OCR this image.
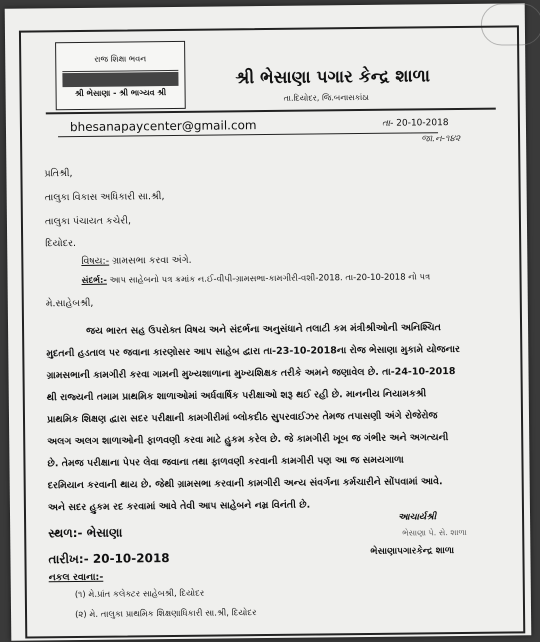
રાજ શિક્ષા ભવન
શ્રી ભેસાણા - શ્રી ભાગ્યવ શ્રી
શ્રી ભેસાણા પગાર કેન્દ્ર શાળા
તા.દિયોદર, જિ.બનાસકાંઠા
bhesanapaycenter@gmail.com	તા- 20-10-2018
જા.ન-૧૪૨
પ્રતિશ્રી,
તાલુકા વિકાસ અધિકારી સા.શ્રી,
તાલુકા પંચાયત કચેરી,
દિયોદર.
વિષય:- ગ્રામસભા કરવા અંગે.
સંદર્ભ:- આપ સાહેબનો પત્ર ક્રમાંક ન.ઈ-વીપી-ગ્રામસભા-કામગીરી-વશી-2018. તા-20-10-2018 નો પત્ર
મે.સાહેબશ્રી,
જય ભારત સહ ઉપરોક્ત વિષય અને સંદર્ભના અનુસંધાને તલાટી કમ મંત્રીશ્રીઓની અનિશ્ચિત
મુદતની હડતાલ પર જવાના કારણોસર આપ સાહેબ દ્વારા તા-23-10-2018ના રોજ ભેસાણા મુકામે યોજનાર
ગ્રામસભાની કામગીરી કરવા ગામની મુખ્યશાળાના મુખ્યશિક્ષક તરીકે અમને જણાવેલ છે. તા-24-10-2018
થી રાજ્યની તમામ પ્રાથમિક શાળાઓમાં અર્ધવાર્ષિક પરીક્ષાઓ શરૂ થઈ રહી છે. માનનીય નિયામકશ્રી
પ્રાથમિક શિક્ષણ દ્વારા સદર પરીક્ષાની કામગીરીમાં બ્લોકદીઠ સુપરવાઈઝર તેમજ તપાસણી અંગે રોજેરોજ
અલગ અલગ શાળાઓની ફાળવણી કરવા માટે હુકમ કરેલ છે. જે કામગીરી ખૂબ જ ગંભીર અને અગત્યની
છે. તેમજ પરીક્ષાના પેપર લેવા જવાના તથા ફાળવણી કરવાની કામગીરી પણ આ જ સમયગાળા
દરમિયાન કરવાની થાય છે. જેથી ગ્રામસભા કરવાની કામગીરી અન્ય સંવર્ગના કર્મચારીને સોંપવામાં આવે.
અને સદર હુકમ રદ કરવામાં આવે તેવી આપ સાહેબને નમ્ર વિનંતી છે.
સ્થળ:- ભેસાણા
તારીખ:- 20-10-2018
નકલ રવાના:-
(૧) મે.પ્રાંત કલેક્ટર સાહેબશ્રી, દિયોદર
(૨) મે. તાલુકા પ્રાથમિક શિક્ષણાધિકારી સા.શ્રી, દિયોદર
આચાર્યશ્રી
ભેસાણા પે. સે. શાળા
ભેસાણાપગારકેન્દ્ર શાળા
